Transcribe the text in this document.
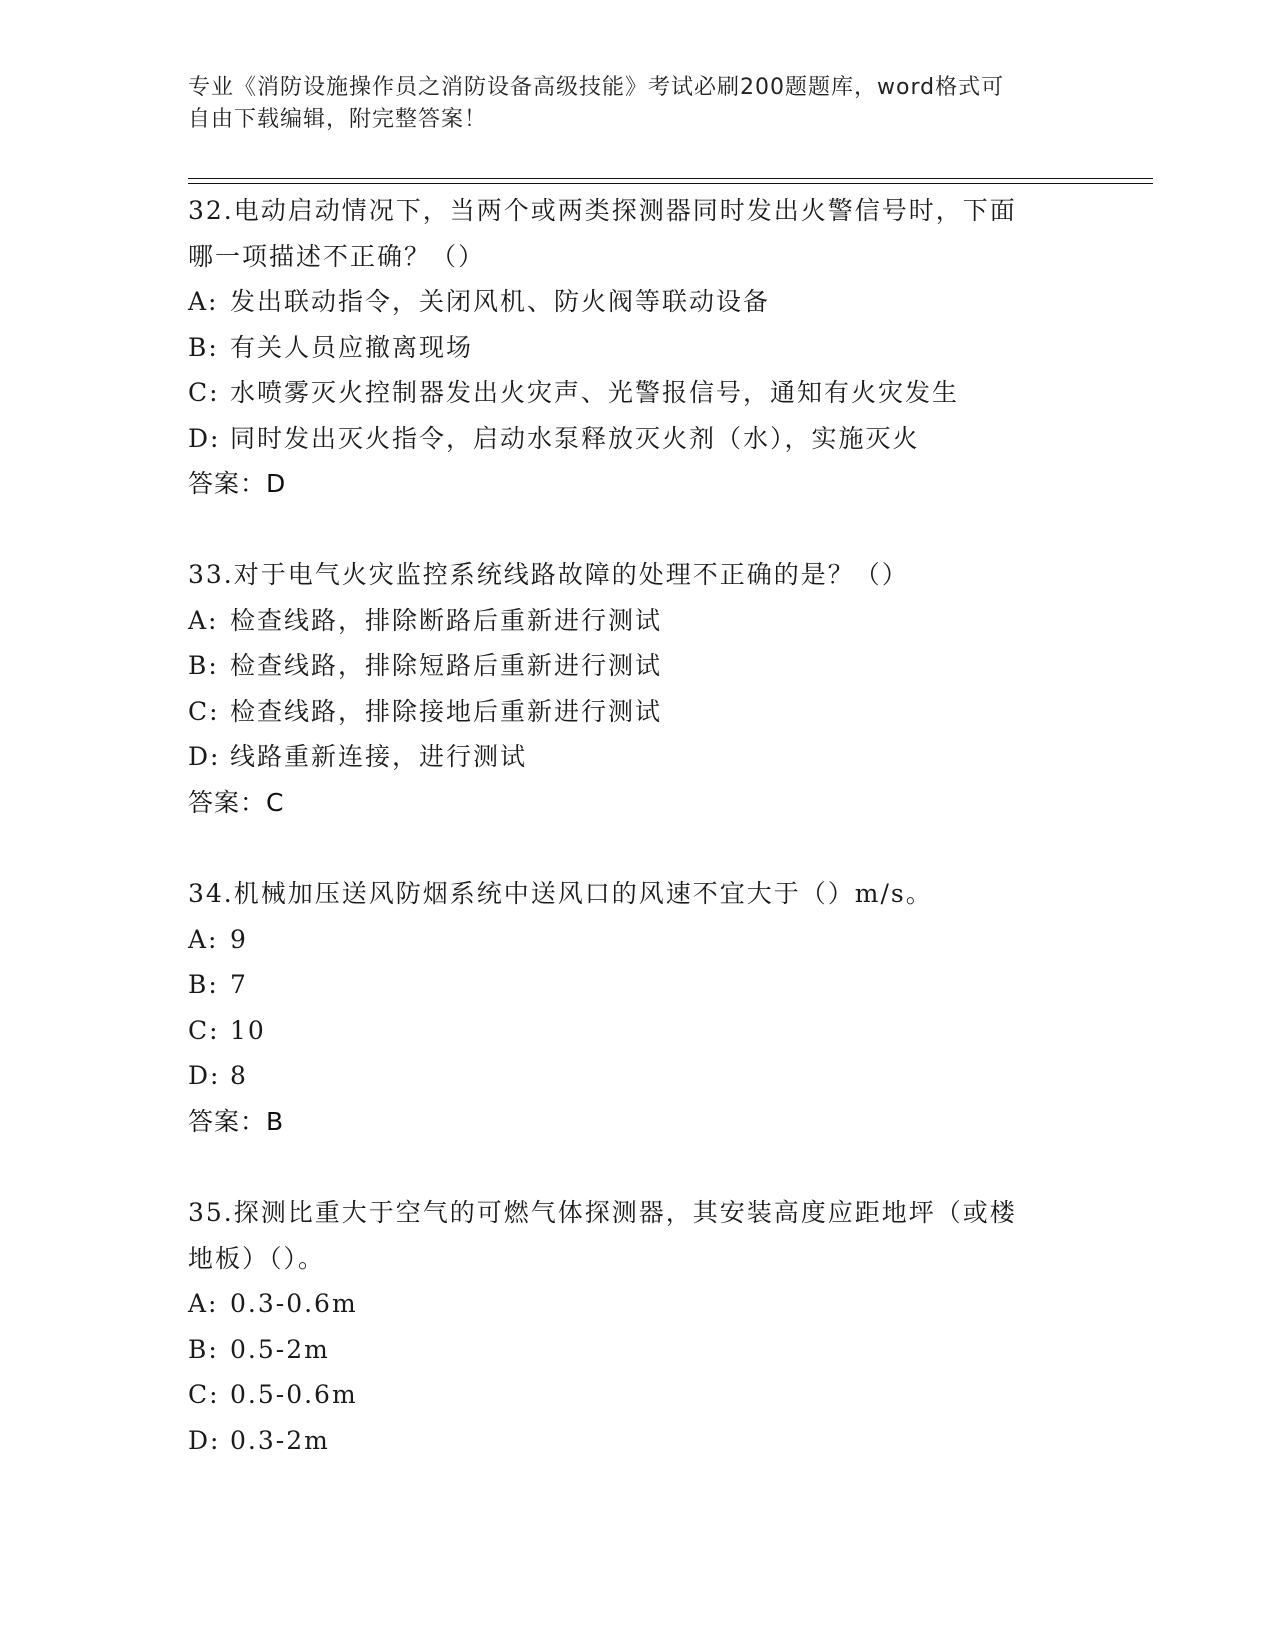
专业《消防设施操作员之消防设备高级技能》考试必刷200题题库，word格式可
自由下载编辑，附完整答案！
32.电动启动情况下，当两个或两类探测器同时发出火警信号时，下面
哪一项描述不正确？（）
A: 发出联动指令，关闭风机、防火阀等联动设备
B: 有关人员应撤离现场
C: 水喷雾灭火控制器发出火灾声、光警报信号，通知有火灾发生
D: 同时发出灭火指令，启动水泵释放灭火剂（水），实施灭火
答案：D
33.对于电气火灾监控系统线路故障的处理不正确的是？（）
A: 检查线路，排除断路后重新进行测试
B: 检查线路，排除短路后重新进行测试
C: 检查线路，排除接地后重新进行测试
D: 线路重新连接，进行测试
答案：C
34.机械加压送风防烟系统中送风口的风速不宜大于（）m/s。
A: 9
B: 7
C: 10
D: 8
答案：B
35.探测比重大于空气的可燃气体探测器，其安装高度应距地坪（或楼
地板）（）。
A: 0.3-0.6m
B: 0.5-2m
C: 0.5-0.6m
D: 0.3-2m
